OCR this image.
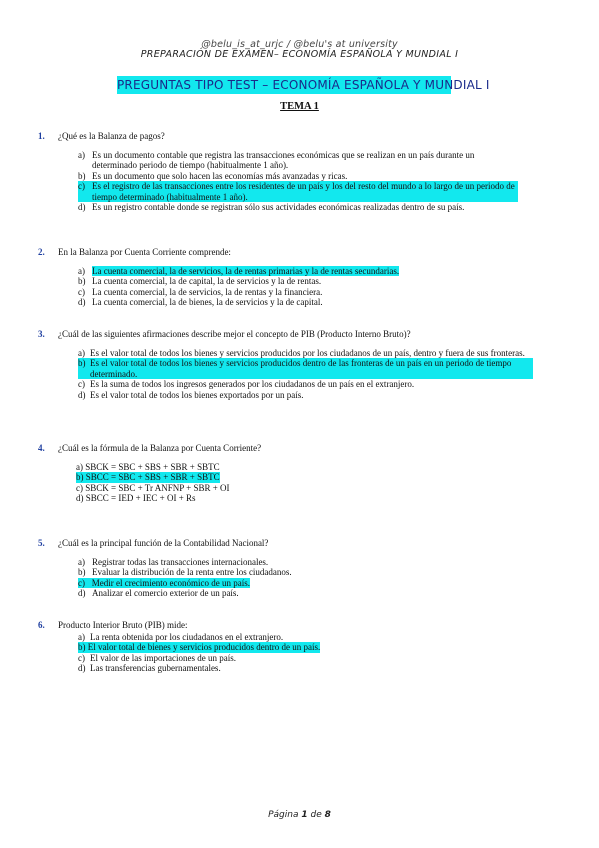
@belu_is_at_urjc / @belu's at university
PREPARACIÓN DE EXAMEN– ECONOMÍA ESPAÑOLA Y MUNDIAL I
PREGUNTAS TIPO TEST – ECONOMÍA ESPAÑOLA Y MUNDIAL I
TEMA 1
1. ¿Qué es la Balanza de pagos?
a) Es un documento contable que registra las transacciones económicas que se realizan en un país durante un determinado periodo de tiempo (habitualmente 1 año).
b) Es un documento que solo hacen las economías más avanzadas y ricas.
c) Es el registro de las transacciones entre los residentes de un país y los del resto del mundo a lo largo de un periodo de tiempo determinado (habitualmente 1 año).
d) Es un registro contable donde se registran sólo sus actividades económicas realizadas dentro de su país.
2. En la Balanza por Cuenta Corriente comprende:
a) La cuenta comercial, la de servicios, la de rentas primarias y la de rentas secundarias.
b) La cuenta comercial, la de capital, la de servicios y la de rentas.
c) La cuenta comercial, la de servicios, la de rentas y la financiera.
d) La cuenta comercial, la de bienes, la de servicios y la de capital.
3. ¿Cuál de las siguientes afirmaciones describe mejor el concepto de PIB (Producto Interno Bruto)?
a) Es el valor total de todos los bienes y servicios producidos por los ciudadanos de un país, dentro y fuera de sus fronteras.
b) Es el valor total de todos los bienes y servicios producidos dentro de las fronteras de un país en un periodo de tiempo determinado.
c) Es la suma de todos los ingresos generados por los ciudadanos de un país en el extranjero.
d) Es el valor total de todos los bienes exportados por un país.
4. ¿Cuál es la fórmula de la Balanza por Cuenta Corriente?
a) SBCK = SBC + SBS + SBR + SBTC
b) SBCC = SBC + SBS + SBR + SBTC
c) SBCK = SBC + Tr ANFNP + SBR + OI
d) SBCC = IED + IEC + OI + Rs
5. ¿Cuál es la principal función de la Contabilidad Nacional?
a) Registrar todas las transacciones internacionales.
b) Evaluar la distribución de la renta entre los ciudadanos.
c) Medir el crecimiento económico de un país.
d) Analizar el comercio exterior de un país.
6. Producto Interior Bruto (PIB) mide:
a) La renta obtenida por los ciudadanos en el extranjero.
b) El valor total de bienes y servicios producidos dentro de un país.
c) El valor de las importaciones de un país.
d) Las transferencias gubernamentales.
Página 1 de 8
